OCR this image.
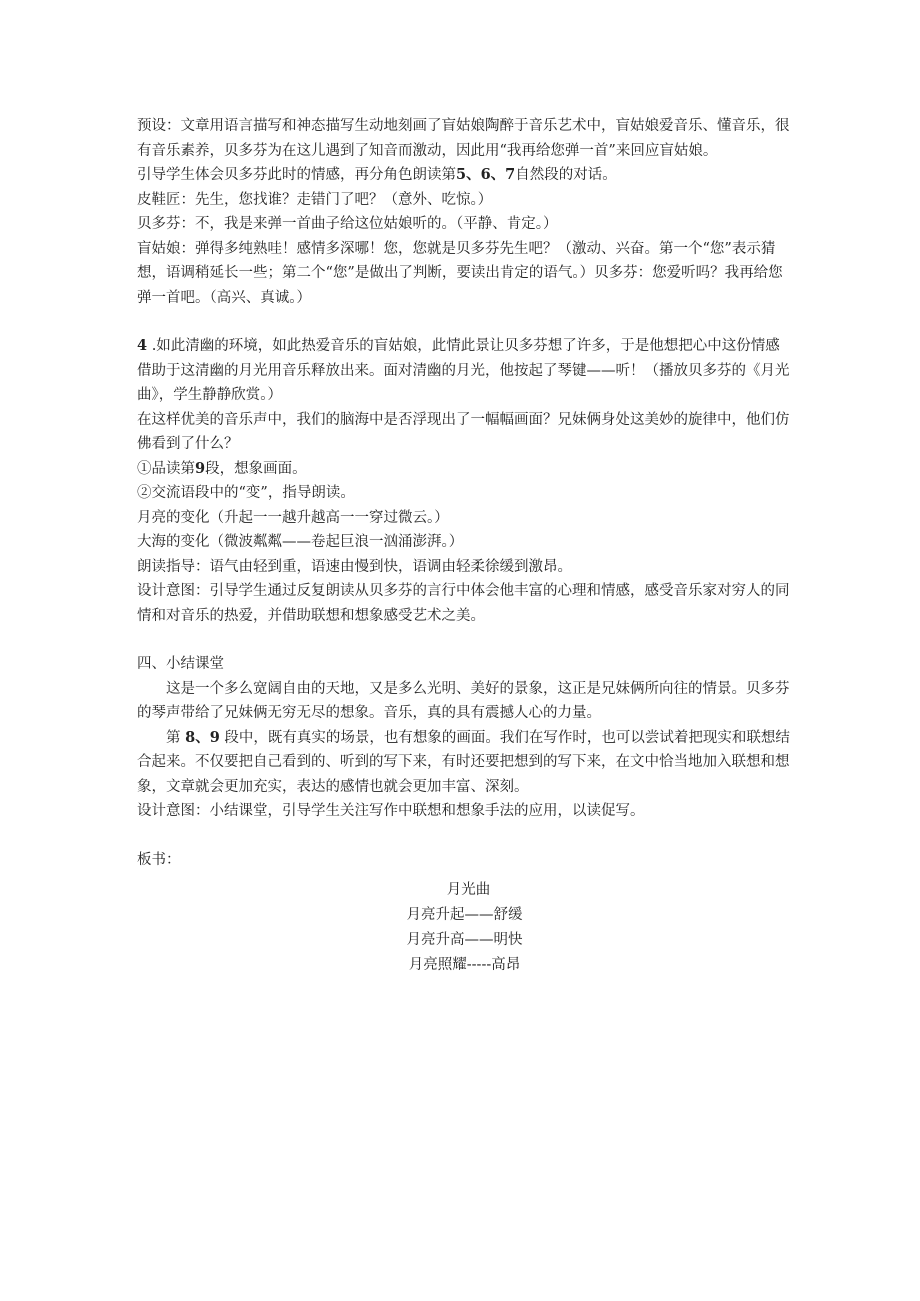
预设：文章用语言描写和神态描写生动地刻画了盲姑娘陶醉于音乐艺术中，盲姑娘爱音乐、懂音乐，很有音乐素养，贝多芬为在这儿遇到了知音而激动，因此用“我再给您弹一首”来回应盲姑娘。

引导学生体会贝多芬此时的情感，再分角色朗读第5、6、7自然段的对话。

皮鞋匠：先生，您找谁？走错门了吧？（意外、吃惊。）

贝多芬：不，我是来弹一首曲子给这位姑娘听的。（平静、肯定。）

盲姑娘：弹得多纯熟哇！感情多深哪！您，您就是贝多芬先生吧？（激动、兴奋。第一个“您”表示猜想，语调稍延长一些；第二个“您”是做出了判断，要读出肯定的语气。）贝多芬：您爱听吗？我再给您弹一首吧。（高兴、真诚。）

4 .如此清幽的环境，如此热爱音乐的盲姑娘，此情此景让贝多芬想了许多，于是他想把心中这份情感借助于这清幽的月光用音乐释放出来。面对清幽的月光，他按起了琴键——听！（播放贝多芬的《月光曲》，学生静静欣赏。）

在这样优美的音乐声中，我们的脑海中是否浮现出了一幅幅画面？兄妹俩身处这美妙的旋律中，他们仿佛看到了什么？

①品读第9段，想象画面。

②交流语段中的“变”，指导朗读。

月亮的变化（升起一一越升越高一一穿过微云。）

大海的变化（微波粼粼——卷起巨浪一汹涌澎湃。）

朗读指导：语气由轻到重，语速由慢到快，语调由轻柔徐缓到激昂。

设计意图：引导学生通过反复朗读从贝多芬的言行中体会他丰富的心理和情感，感受音乐家对穷人的同情和对音乐的热爱，并借助联想和想象感受艺术之美。

四、小结课堂

这是一个多么宽阔自由的天地，又是多么光明、美好的景象，这正是兄妹俩所向往的情景。贝多芬的琴声带给了兄妹俩无穷无尽的想象。音乐，真的具有震撼人心的力量。

第 8、9 段中，既有真实的场景，也有想象的画面。我们在写作时，也可以尝试着把现实和联想结合起来。不仅要把自己看到的、听到的写下来，有时还要把想到的写下来，在文中恰当地加入联想和想象，文章就会更加充实，表达的感情也就会更加丰富、深刻。

设计意图：小结课堂，引导学生关注写作中联想和想象手法的应用，以读促写。

板书：

月光曲
月亮升起——舒缓
月亮升高——明快
月亮照耀-----高昂
